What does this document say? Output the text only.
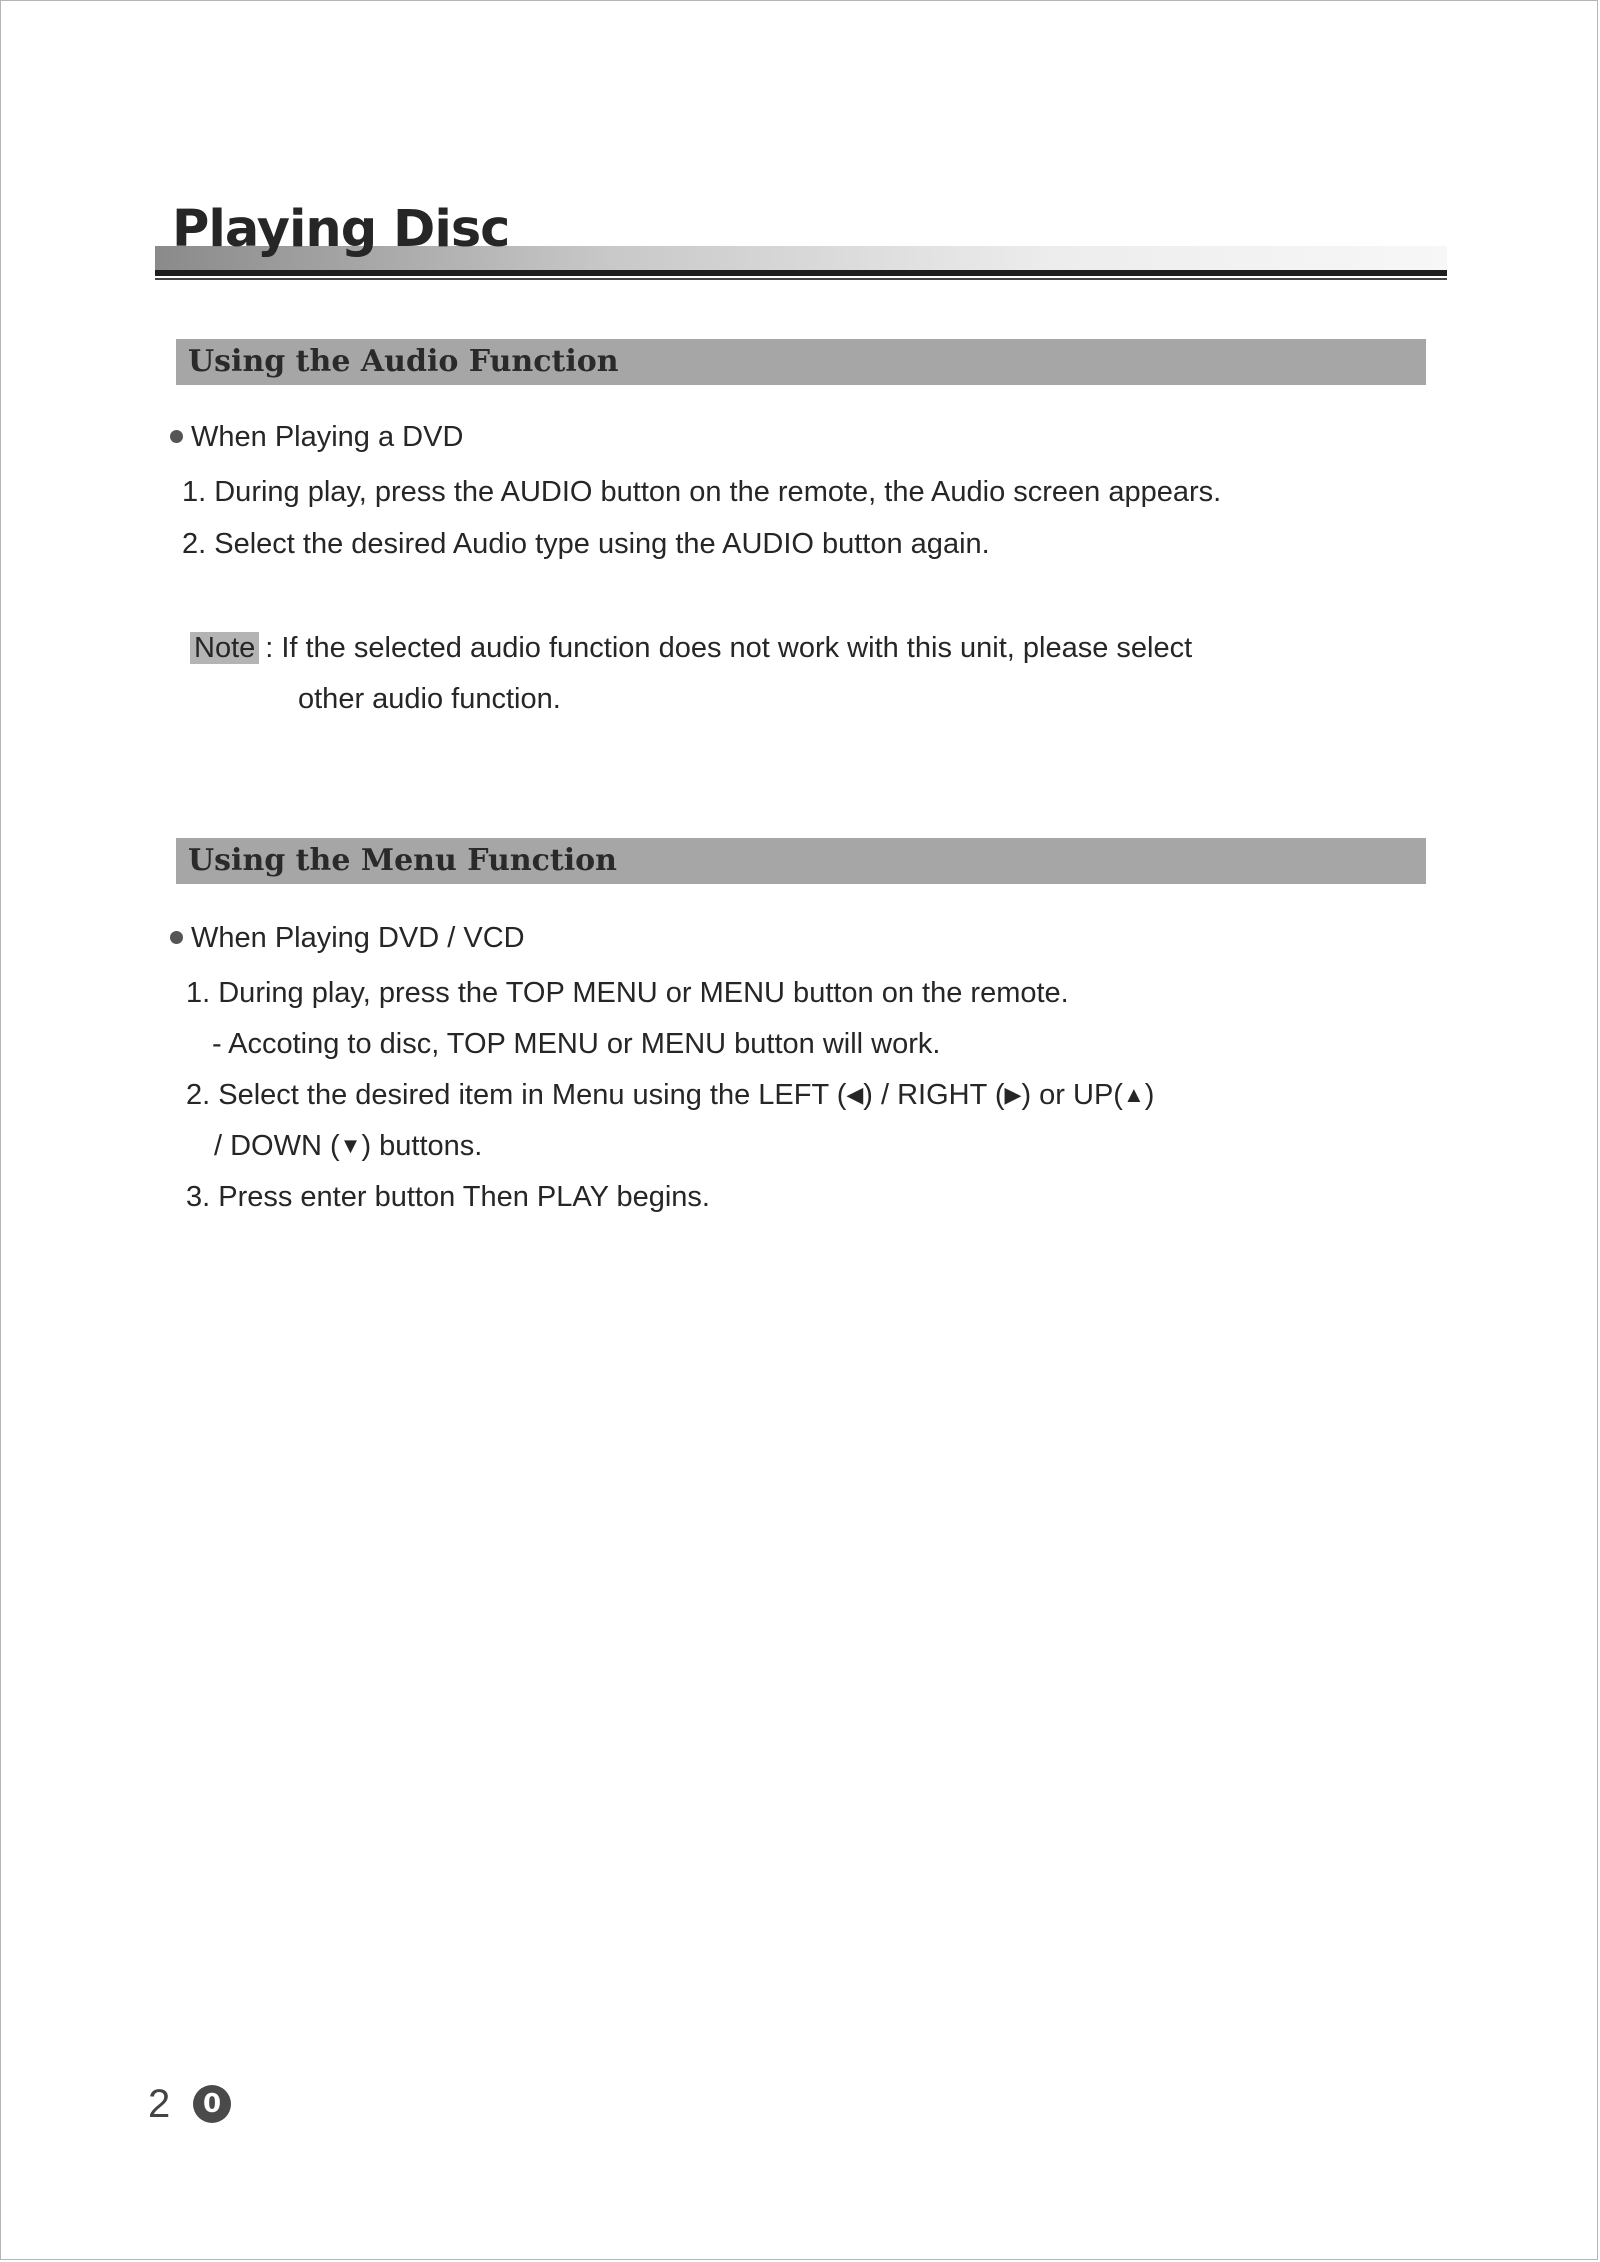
Playing Disc
Using the Audio Function
When Playing a DVD
1. During play, press the AUDIO button on the remote, the Audio screen appears.
2. Select the desired Audio type using the AUDIO button again.
Note : If the selected audio function does not work with this unit, please select
other audio function.
Using the Menu Function
When Playing DVD / VCD
1. During play, press the TOP MENU or MENU button on the remote.
- Accoting to disc, TOP MENU or MENU button will work.
2. Select the desired item in Menu using the LEFT (◀) / RIGHT (▶) or UP(▲)
/ DOWN (▼) buttons.
3. Press enter button Then PLAY begins.
2	0
